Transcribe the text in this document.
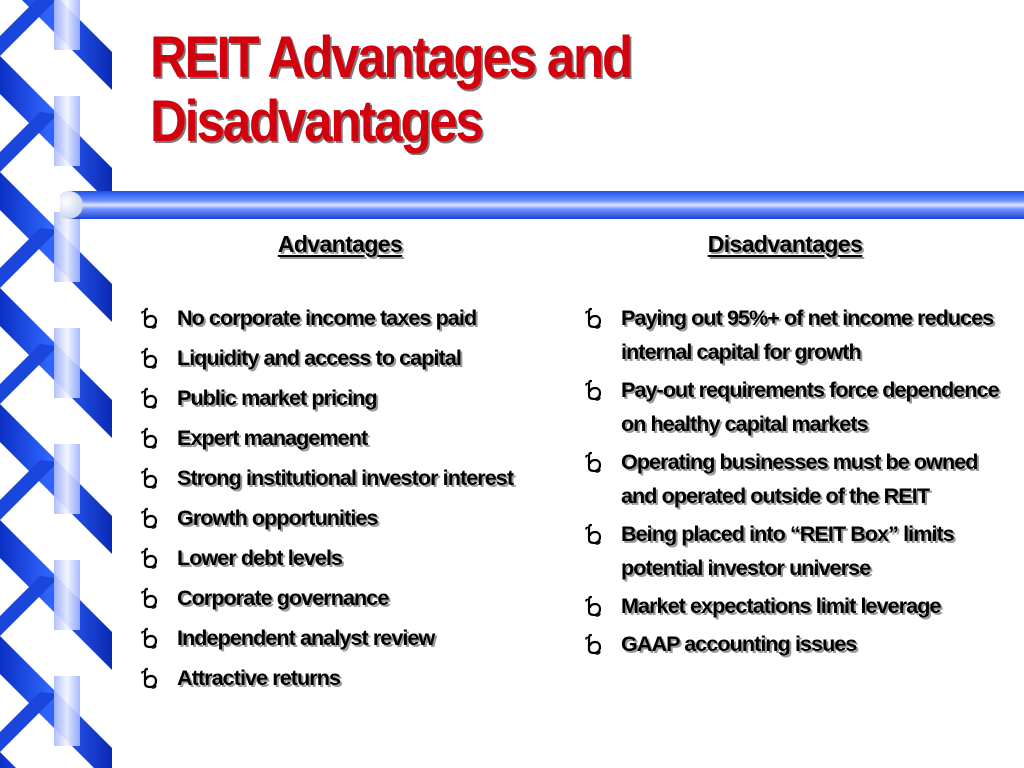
REIT Advantages and
Disadvantages
Advantages	Disadvantages
No corporate income taxes paid
Liquidity and access to capital
Public market pricing
Expert management
Strong institutional investor interest
Growth opportunities
Lower debt levels
Corporate governance
Independent analyst review
Attractive returns
Paying out 95%+ of net income reduces internal capital for growth
Pay-out requirements force dependence on healthy capital markets
Operating businesses must be owned and operated outside of the REIT
Being placed into “REIT Box” limits potential investor universe
Market expectations limit leverage
GAAP accounting issues
